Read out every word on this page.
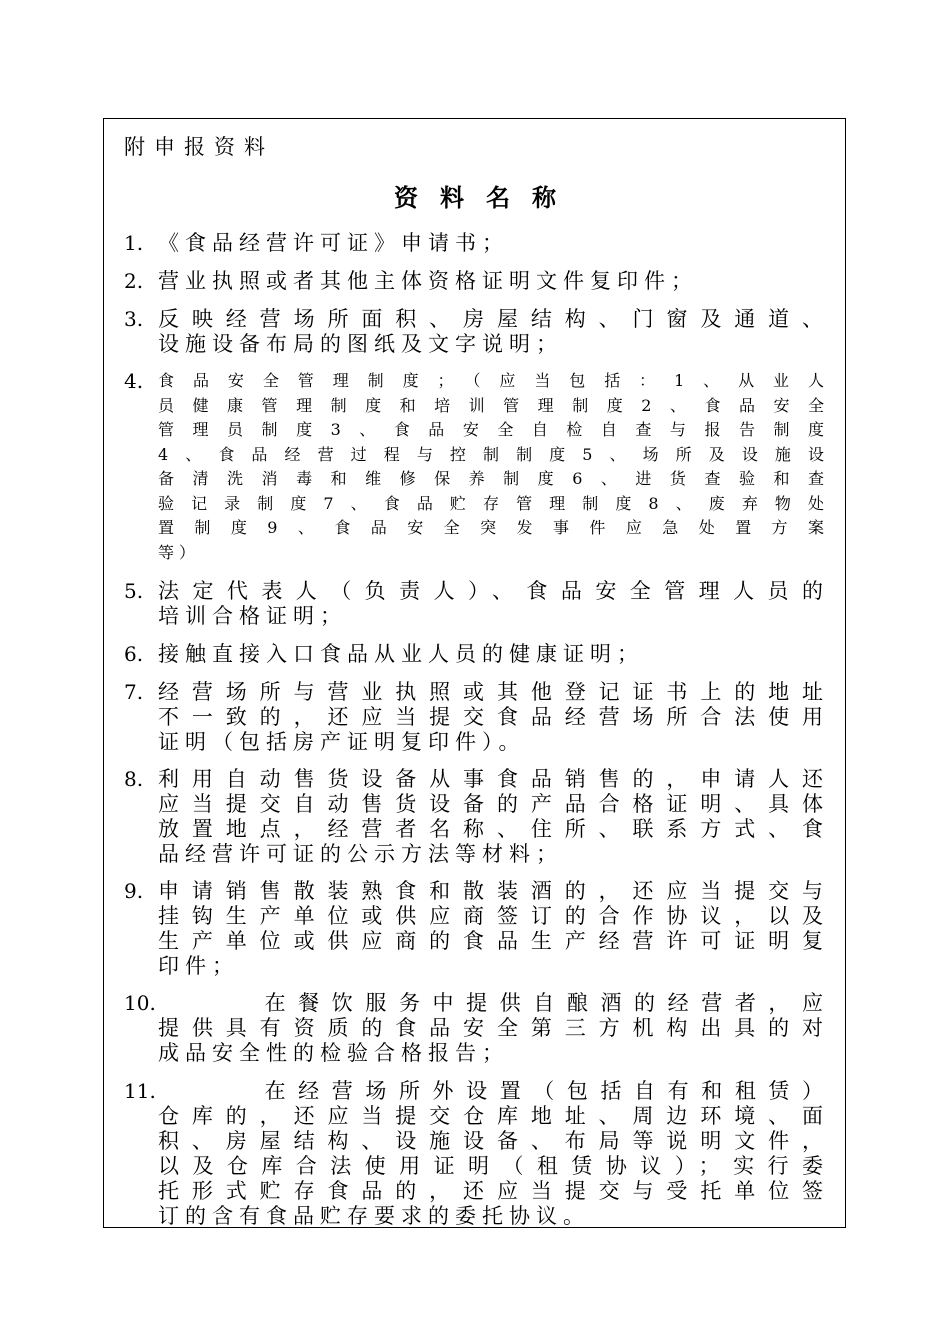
附申报资料
资料名称
1. 《食品经营许可证》申请书；
2. 营业执照或者其他主体资格证明文件复印件；
3. 反映经营场所面积、房屋结构、门窗及通道、
设施设备布局的图纸及文字说明；
4. 食品安全管理制度；（应当包括：1、从业人
员健康管理制度和培训管理制度2、食品安全
管理员制度3、食品安全自检自查与报告制度
4、食品经营过程与控制制度5、场所及设施设
备清洗消毒和维修保养制度6、进货查验和查
验记录制度7、食品贮存管理制度8、废弃物处
置制度9、食品安全突发事件应急处置方案
等）
5. 法定代表人（负责人）、食品安全管理人员的
培训合格证明；
6. 接触直接入口食品从业人员的健康证明；
7. 经营场所与营业执照或其他登记证书上的地址
不一致的，还应当提交食品经营场所合法使用
证明（包括房产证明复印件）。
8. 利用自动售货设备从事食品销售的，申请人还
应当提交自动售货设备的产品合格证明、具体
放置地点，经营者名称、住所、联系方式、食
品经营许可证的公示方法等材料；
9. 申请销售散装熟食和散装酒的，还应当提交与
挂钩生产单位或供应商签订的合作协议，以及
生产单位或供应商的食品生产经营许可证明复
印件；
10.	在餐饮服务中提供自酿酒的经营者，应
提供具有资质的食品安全第三方机构出具的对
成品安全性的检验合格报告；
11.	在经营场所外设置（包括自有和租赁）
仓库的，还应当提交仓库地址、周边环境、面
积、房屋结构、设施设备、布局等说明文件，
以及仓库合法使用证明（租赁协议）；实行委
托形式贮存食品的，还应当提交与受托单位签
订的含有食品贮存要求的委托协议。
